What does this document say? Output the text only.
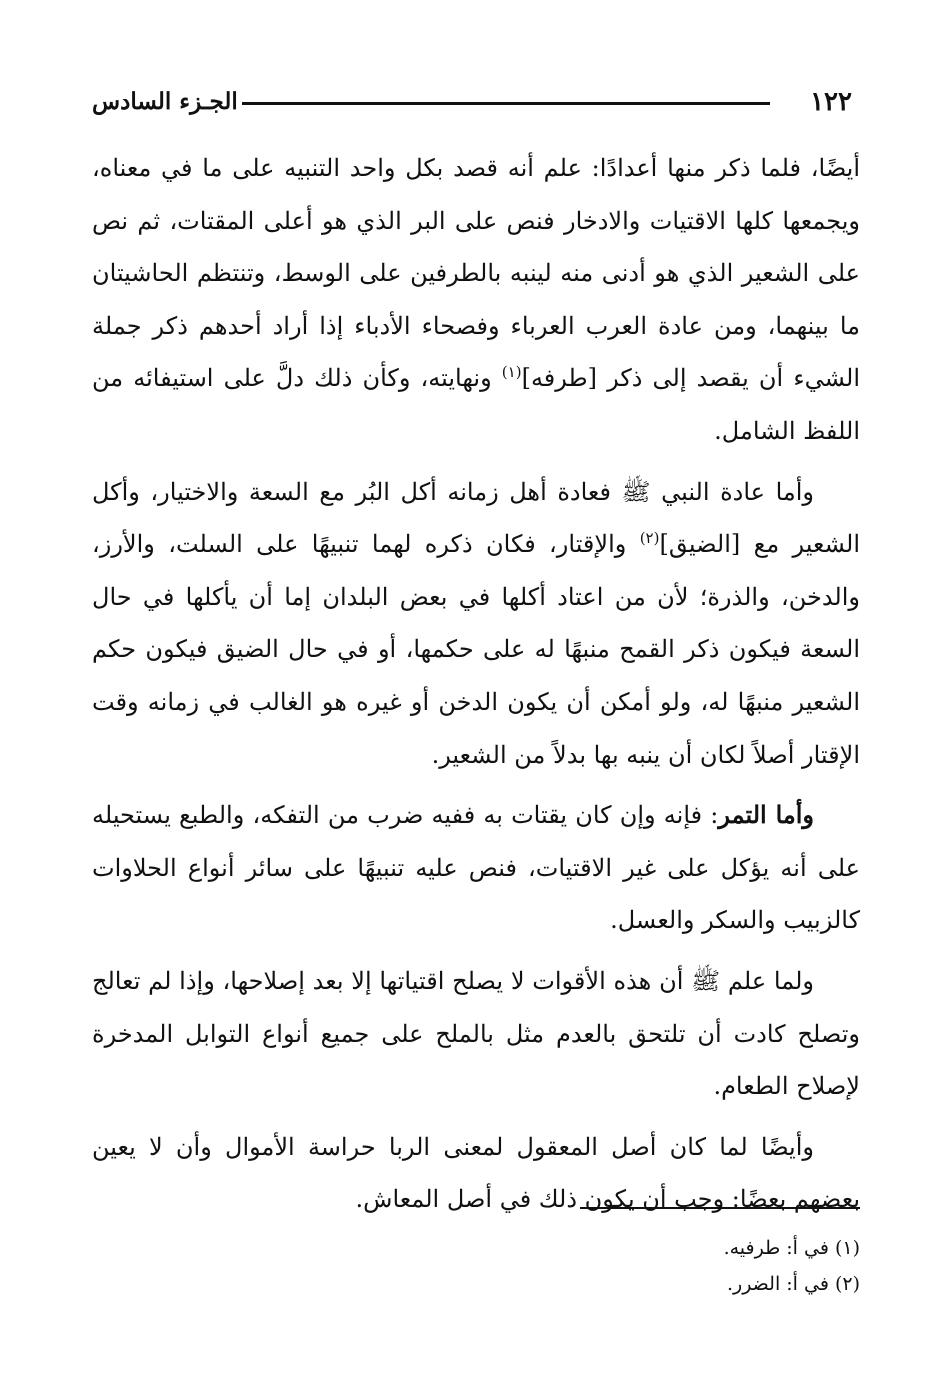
١٢٢
الجـزء السادس

أيضًا، فلما ذكر منها أعدادًا: علم أنه قصد بكل واحد التنبيه على ما في معناه، ويجمعها كلها الاقتيات والادخار فنص على البر الذي هو أعلى المقتات، ثم نص على الشعير الذي هو أدنى منه لينبه بالطرفين على الوسط، وتنتظم الحاشيتان ما بينهما، ومن عادة العرب العرباء وفصحاء الأدباء إذا أراد أحدهم ذكر جملة الشيء أن يقصد إلى ذكر [طرفه]$^{(١)}$ ونهايته، وكأن ذلك دلَّ على استيفائه من اللفظ الشامل.

وأما عادة النبي ﷺ فعادة أهل زمانه أكل البُر مع السعة والاختيار، وأكل الشعير مع [الضيق]$^{(٢)}$ والإقتار، فكان ذكره لهما تنبيهًا على السلت، والأرز، والدخن، والذرة؛ لأن من اعتاد أكلها في بعض البلدان إما أن يأكلها في حال السعة فيكون ذكر القمح منبهًا له على حكمها، أو في حال الضيق فيكون حكم الشعير منبهًا له، ولو أمكن أن يكون الدخن أو غيره هو الغالب في زمانه وقت الإقتار أصلاً لكان أن ينبه بها بدلاً من الشعير.

وأما التمر: فإنه وإن كان يقتات به ففيه ضرب من التفكه، والطبع يستحيله على أنه يؤكل على غير الاقتيات، فنص عليه تنبيهًا على سائر أنواع الحلاوات كالزبيب والسكر والعسل.

ولما علم ﷺ أن هذه الأقوات لا يصلح اقتياتها إلا بعد إصلاحها، وإذا لم تعالج وتصلح كادت أن تلتحق بالعدم مثل بالملح على جميع أنواع التوابل المدخرة لإصلاح الطعام.

وأيضًا لما كان أصل المعقول لمعنى الربا حراسة الأموال وأن لا يعين بعضهم بعضًا: وجب أن يكون ذلك في أصل المعاش.

(١) في أ: طرفيه.

(٢) في أ: الضرر.
